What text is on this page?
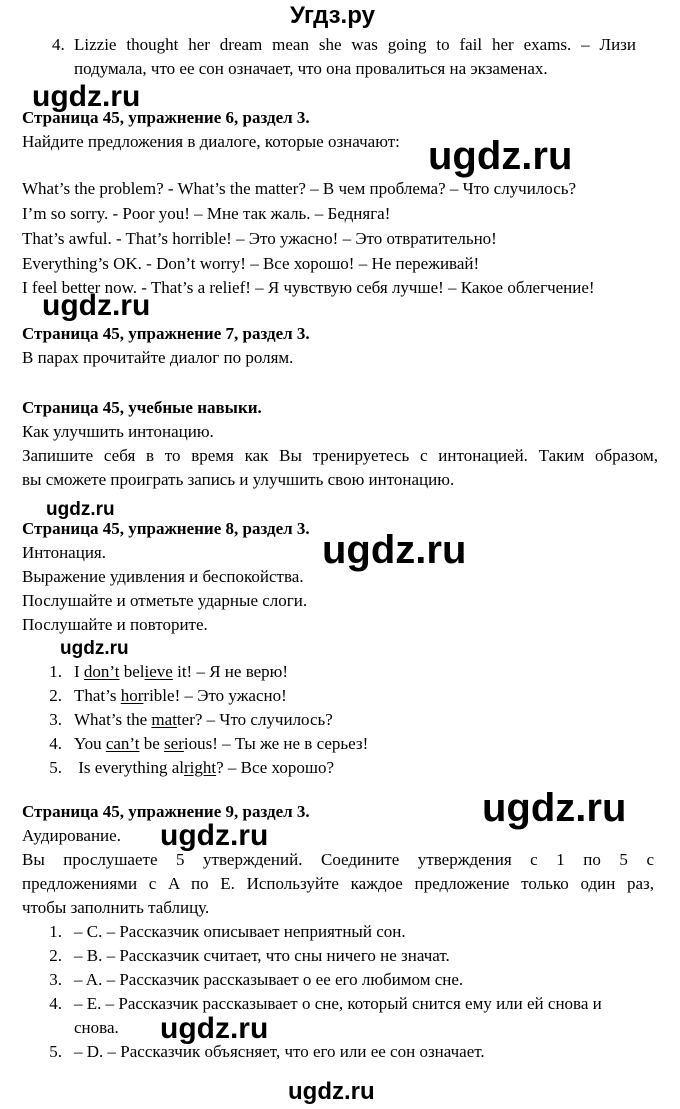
Угдз.ру
4. Lizzie thought her dream mean she was going to fail her exams. – Лизи
подумала, что ее сон означает, что она провалиться на экзаменах.
ugdz.ru
Страница 45, упражнение 6, раздел 3.
Найдите предложения в диалоге, которые означают: ugdz.ru
What’s the problem? - What’s the matter? – В чем проблема? – Что случилось?
I’m so sorry. - Poor you! – Мне так жаль. – Бедняга!
That’s awful. - That’s horrible! – Это ужасно! – Это отвратительно!
Everything’s OK. - Don’t worry! – Все хорошо! – Не переживай!
I feel better now. - That’s a relief! – Я чувствую себя лучше! – Какое облегчение!
ugdz.ru
Страница 45, упражнение 7, раздел 3.
В парах прочитайте диалог по ролям.
Страница 45, учебные навыки.
Как улучшить интонацию.
Запишите себя в то время как Вы тренируетесь с интонацией. Таким образом,
вы сможете проиграть запись и улучшить свою интонацию.
ugdz.ru
Страница 45, упражнение 8, раздел 3. ugdz.ru
Интонация.
Выражение удивления и беспокойства.
Послушайте и отметьте ударные слоги.
Послушайте и повторите.
ugdz.ru
1. I don’t believe it! – Я не верю!
2. That’s horrible! – Это ужасно!
3. What’s the matter? – Что случилось?
4. You can’t be serious! – Ты же не в серьез!
5. Is everything alright? – Все хорошо?
ugdz.ru
Страница 45, упражнение 9, раздел 3.
Аудирование. ugdz.ru
Вы прослушаете 5 утверждений. Соедините утверждения с 1 по 5 с
предложениями с A по E. Используйте каждое предложение только один раз,
чтобы заполнить таблицу.
1. – C. – Рассказчик описывает неприятный сон.
2. – B. – Рассказчик считает, что сны ничего не значат.
3. – A. – Рассказчик рассказывает о ее его любимом сне.
4. – E. – Рассказчик рассказывает о сне, который снится ему или ей снова и
снова. ugdz.ru
5. – D. – Рассказчик объясняет, что его или ее сон означает.
ugdz.ru
